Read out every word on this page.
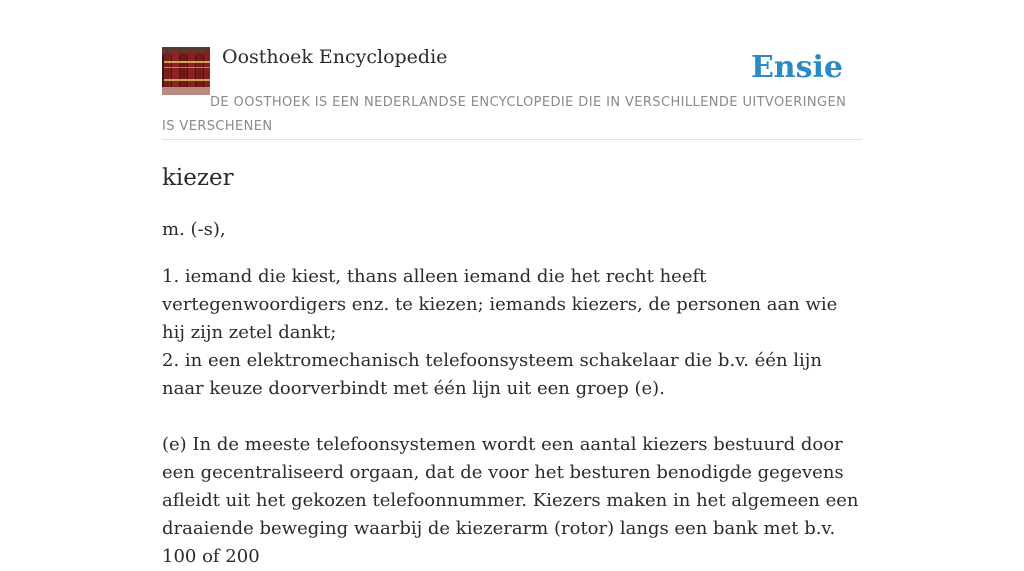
Oosthoek Encyclopedie	Ensie
DE OOSTHOEK IS EEN NEDERLANDSE ENCYCLOPEDIE DIE IN VERSCHILLENDE UITVOERINGEN IS VERSCHENEN
kiezer
m. (-s),

1. iemand die kiest, thans alleen iemand die het recht heeft vertegenwoordigers enz. te kiezen; iemands kiezers, de personen aan wie hij zijn zetel dankt;

2. in een elektromechanisch telefoonsysteem schakelaar die b.v. één lijn naar keuze doorverbindt met één lijn uit een groep (e).

(e) In de meeste telefoonsystemen wordt een aantal kiezers bestuurd door een gecentraliseerd orgaan, dat de voor het besturen benodigde gegevens afleidt uit het gekozen telefoonnummer. Kiezers maken in het algemeen een draaiende beweging waarbij de kiezerarm (rotor) langs een bank met b.v. 100 of 200
